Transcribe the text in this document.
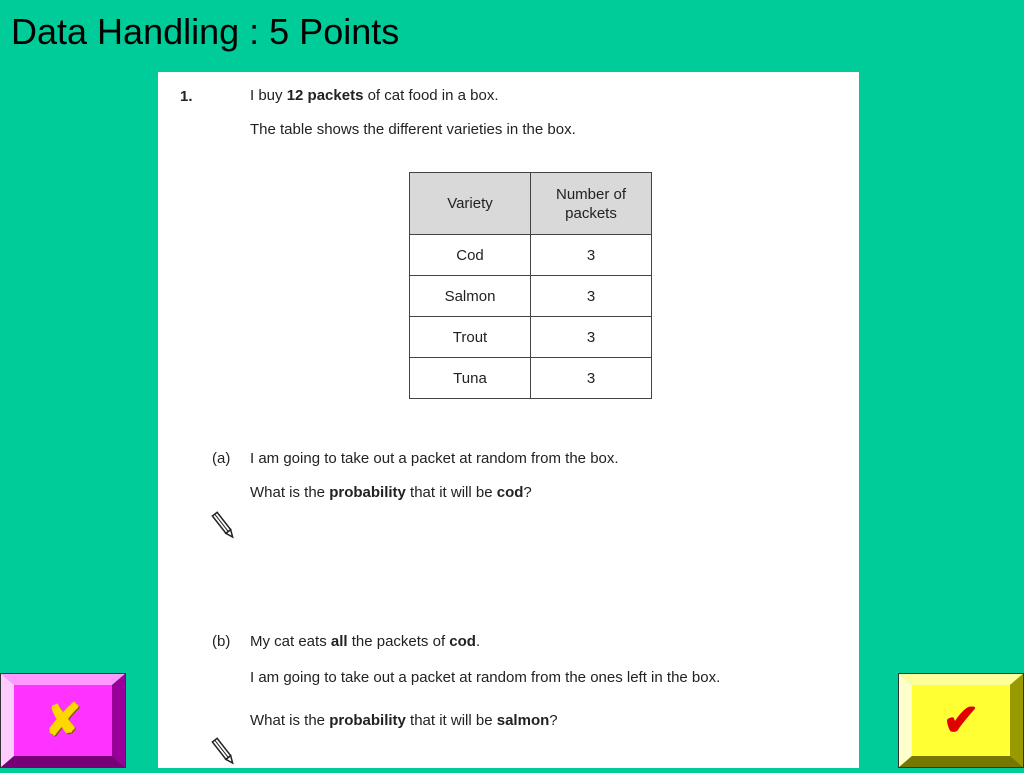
Data Handling : 5 Points
1.	I buy 12 packets of cat food in a box.
The table shows the different varieties in the box.
Variety	Number of packets
Cod	3
Salmon	3
Trout	3
Tuna	3
(a) I am going to take out a packet at random from the box.
What is the probability that it will be cod?
(b) My cat eats all the packets of cod.
I am going to take out a packet at random from the ones left in the box.
What is the probability that it will be salmon?
✘	✔
